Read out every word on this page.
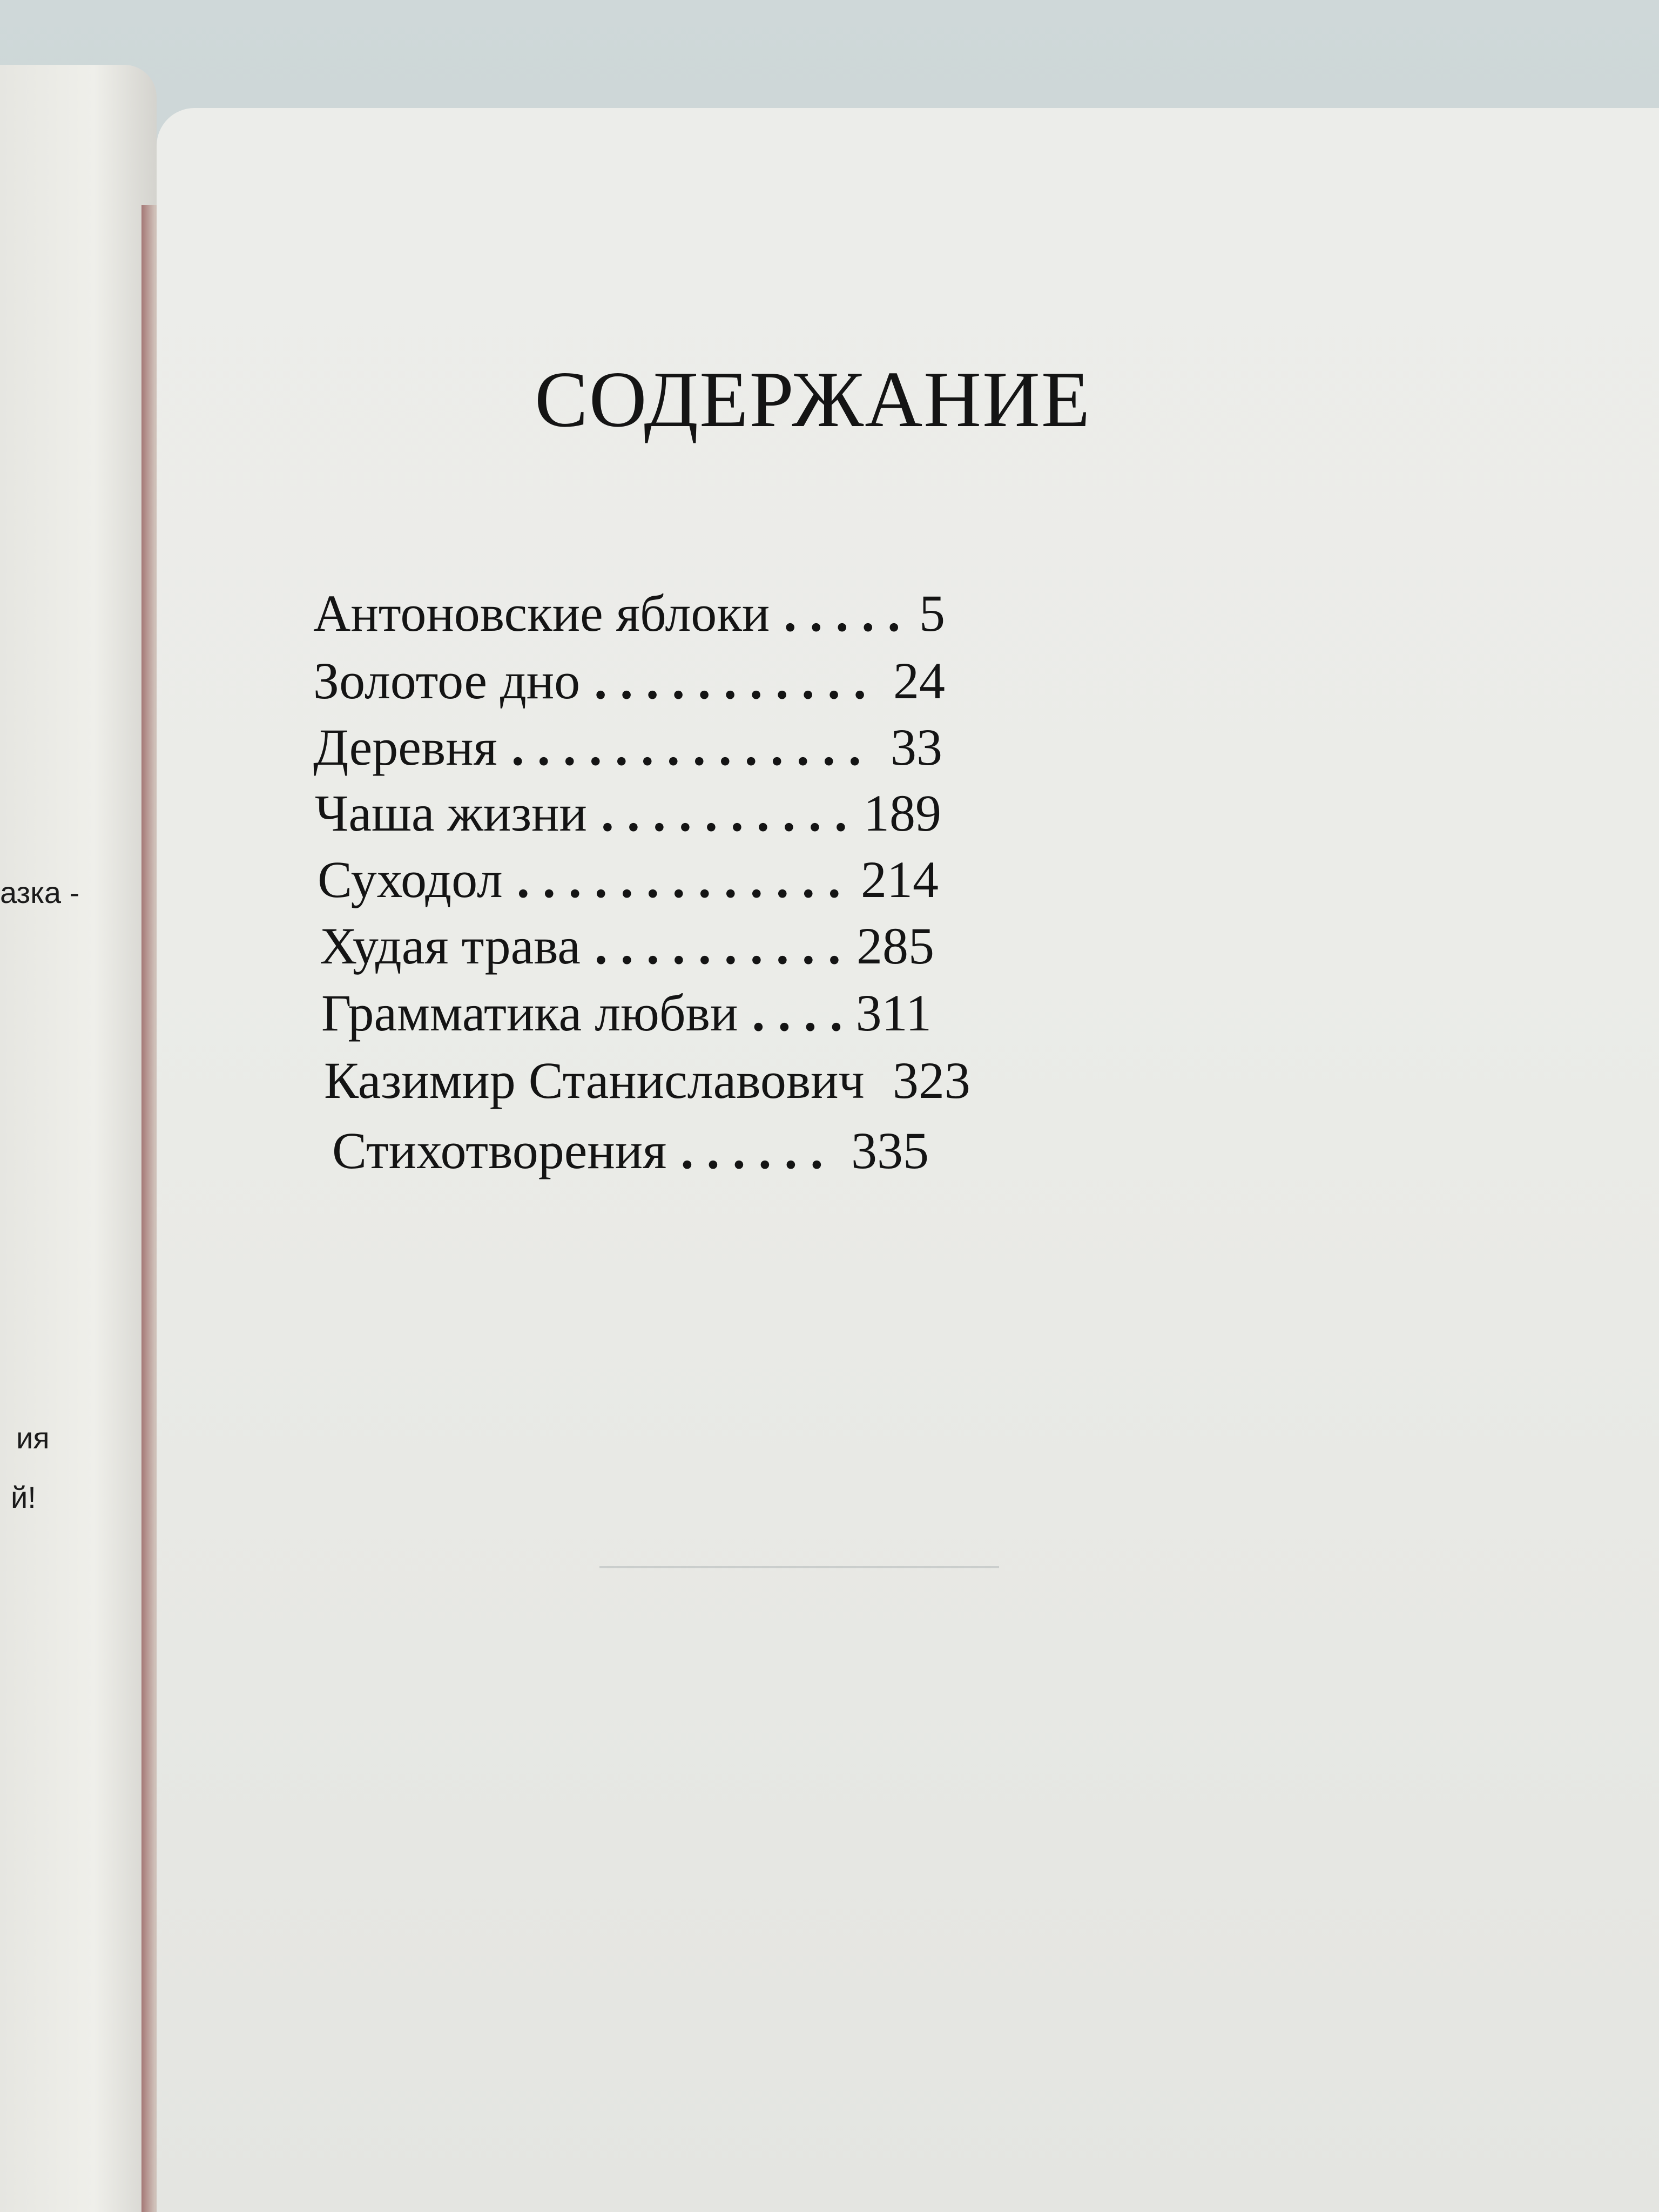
азка -
ия
й!
СОДЕРЖАНИЕ
Антоновские яблоки . . .	5
Золотое дно . . .	24
Деревня . . .	33
Чаша жизни . . .	189
Суходол . . .	214
Худая трава . . .	285
Грамматика любви . . . 311
Казимир Станиславович 323
Стихотворения . . .	335
